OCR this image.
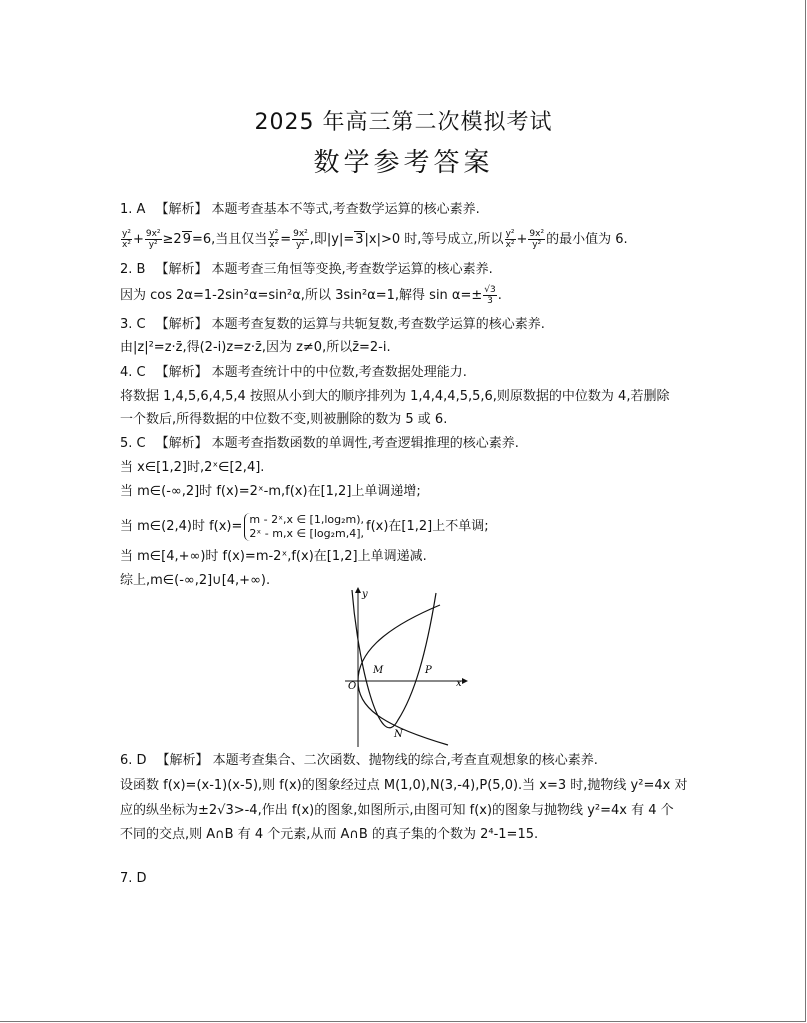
2025 年高三第二次模拟考试
数学参考答案
1. A 【解析】 本题考查基本不等式,考查数学运算的核心素养.
$\frac{\text{y²}}{\text{x²}} + \frac{\text{9x²}}{\text{y²}} \ge 29=6$,当且仅当 $\frac{\text{y²}}{\text{x²}} = \frac{\text{9x²}}{\text{y²}}$ ,即|y|=3|x|>0 时,等号成立,所以 $\frac{\text{y²}}{\text{x²}} + \frac{\text{9x²}}{\text{y²}}$ 的最小值为 6.
2. B 【解析】 本题考查三角恒等变换,考查数学运算的核心素养.
因为 cos 2α=1-2sin²α=sin²α,所以 3sin²α=1,解得 $\sin \alpha=\pm \frac{√3}{3}$ .
3. C 【解析】 本题考查复数的运算与共轭复数,考查数学运算的核心素养.
由|z|²=z·z̄,得(2-i)z=z·z̄,因为 z≠0,所以z̄=2-i.
4. C 【解析】 本题考查统计中的中位数,考查数据处理能力.
将数据 1,4,5,6,4,5,4 按照从小到大的顺序排列为 1,4,4,4,5,5,6,则原数据的中位数为 4,若删除
一个数后,所得数据的中位数不变,则被删除的数为 5 或 6.
5. C 【解析】 本题考查指数函数的单调性,考查逻辑推理的核心素养.
当 x∈[1,2]时,2ˣ∈[2,4].
当 m∈(-∞,2]时 f(x)=2ˣ-m,f(x)在[1,2]上单调递增;
当 m∈(2,4)时 f(x)= m - 2ˣ,x ∈ [1,log₂m),
2ˣ - m,x ∈ [log₂m,4], f(x)在[1,2]上不单调;
当 m∈[4,+∞)时 f(x)=m-2ˣ,f(x)在[1,2]上单调递减.
综上,m∈(-∞,2]∪[4,+∞).
x
y
O
M	P
N
6. D 【解析】 本题考查集合、二次函数、抛物线的综合,考查直观想象的核心素养.
设函数 f(x)=(x-1)(x-5),则 f(x)的图象经过点 M(1,0),N(3,-4),P(5,0).当 x=3 时,抛物线 y²=4x 对
应的纵坐标为±2√3>-4,作出 f(x)的图象,如图所示,由图可知 f(x)的图象与抛物线 y²=4x 有 4 个
不同的交点,则 A∩B 有 4 个元素,从而 A∩B 的真子集的个数为 2⁴-1=15.
7. D
